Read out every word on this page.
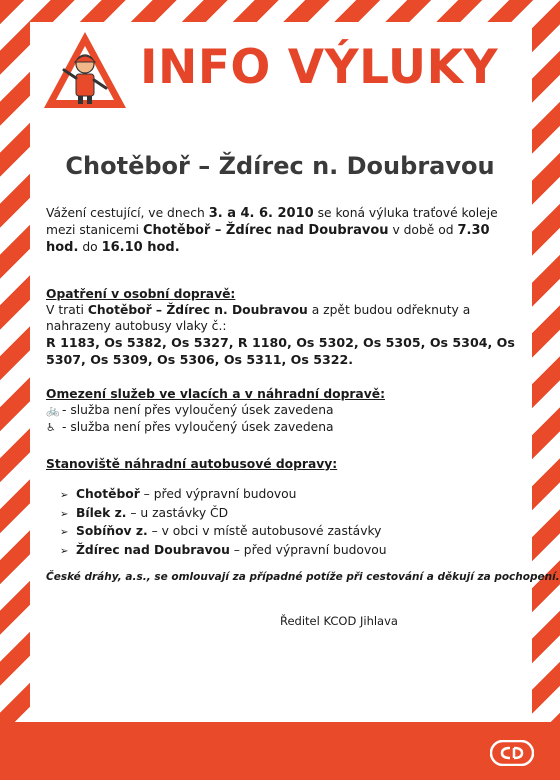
INFO VÝLUKY
Chotěboř – Ždírec n. Doubravou
Vážení cestující, ve dnech 3. a 4. 6. 2010 se koná výluka traťové koleje mezi stanicemi Chotěboř – Ždírec nad Doubravou v době od 7.30 hod. do 16.10 hod.
Opatření v osobní dopravě:
V trati Chotěboř – Ždírec n. Doubravou a zpět budou odřeknuty a nahrazeny autobusy vlaky č.:
R 1183, Os 5382, Os 5327, R 1180, Os 5302, Os 5305, Os 5304, Os 5307, Os 5309, Os 5306, Os 5311, Os 5322.
Omezení služeb ve vlacích a v náhradní dopravě:
🚲 - služba není přes vyloučený úsek zavedena
♿ - služba není přes vyloučený úsek zavedena
Stanoviště náhradní autobusové dopravy:
➢ Chotěboř – před výpravní budovou
➢ Bílek z. – u zastávky ČD
➢ Sobíňov z. – v obci v místě autobusové zastávky
➢ Ždírec nad Doubravou – před výpravní budovou
České dráhy, a.s., se omlouvají za případné potíže při cestování a děkují za pochopení.
Ředitel KCOD Jihlava
